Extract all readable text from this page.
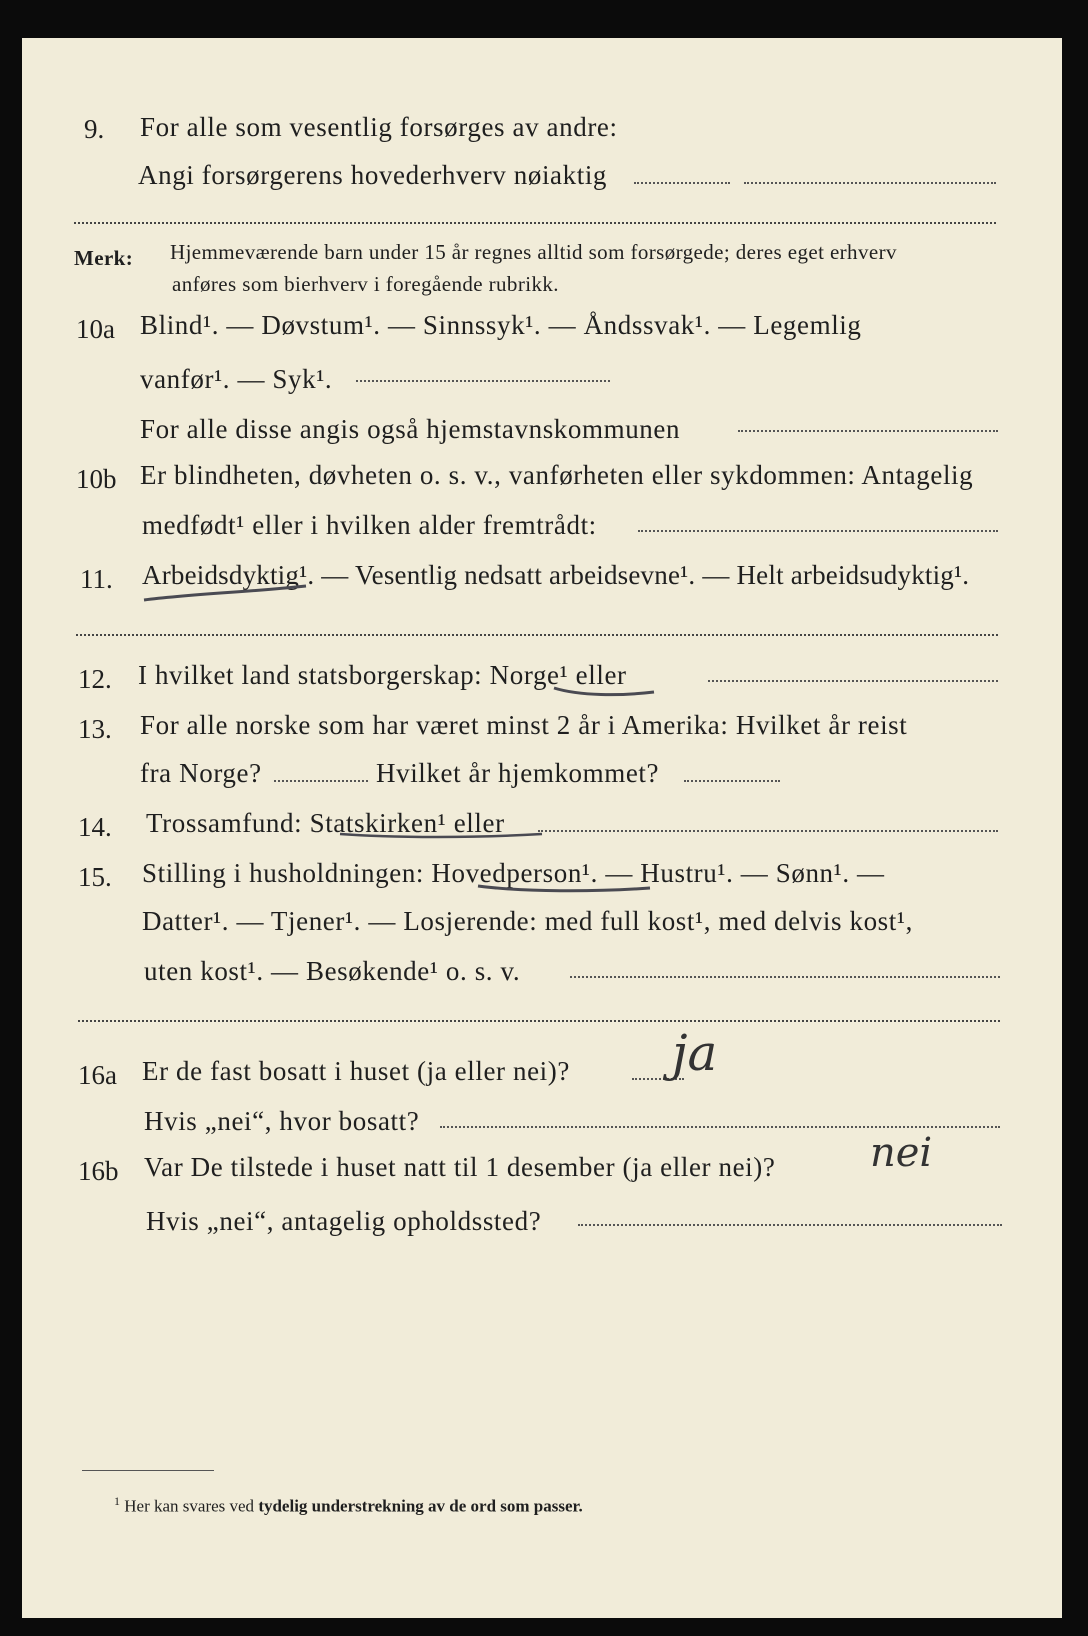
9. For alle som vesentlig forsørges av andre:
Angi forsørgerens hovederhverv nøiaktig
Merk: Hjemmeværende barn under 15 år regnes alltid som forsørgede; deres eget erhverv
anføres som bierhverv i foregående rubrikk.
10a Blind¹. — Døvstum¹. — Sinnssyk¹. — Åndssvak¹. — Legemlig
vanfør¹. — Syk¹.
For alle disse angis også hjemstavnskommunen
10b Er blindheten, døvheten o. s. v., vanførheten eller sykdommen: Antagelig
medfødt¹ eller i hvilken alder fremtrådt:
11. Arbeidsdyktig¹. — Vesentlig nedsatt arbeidsevne¹. — Helt arbeidsudyktig¹.
12. I hvilket land statsborgerskap: Norge¹ eller
13. For alle norske som har været minst 2 år i Amerika: Hvilket år reist
fra Norge?	Hvilket år hjemkommet?
14. Trossamfund: Statskirken¹ eller
15. Stilling i husholdningen: Hovedperson¹. — Hustru¹. — Sønn¹. —
Datter¹. — Tjener¹. — Losjerende: med full kost¹, med delvis kost¹,
uten kost¹. — Besøkende¹ o. s. v.
16a Er de fast bosatt i huset (ja eller nei)? ja
Hvis „nei“, hvor bosatt?
16b Var De tilstede i huset natt til 1 desember (ja eller nei)? nei
Hvis „nei“, antagelig opholdssted?
$^1$ Her kan svares ved tydelig understrekning av de ord som passer.
